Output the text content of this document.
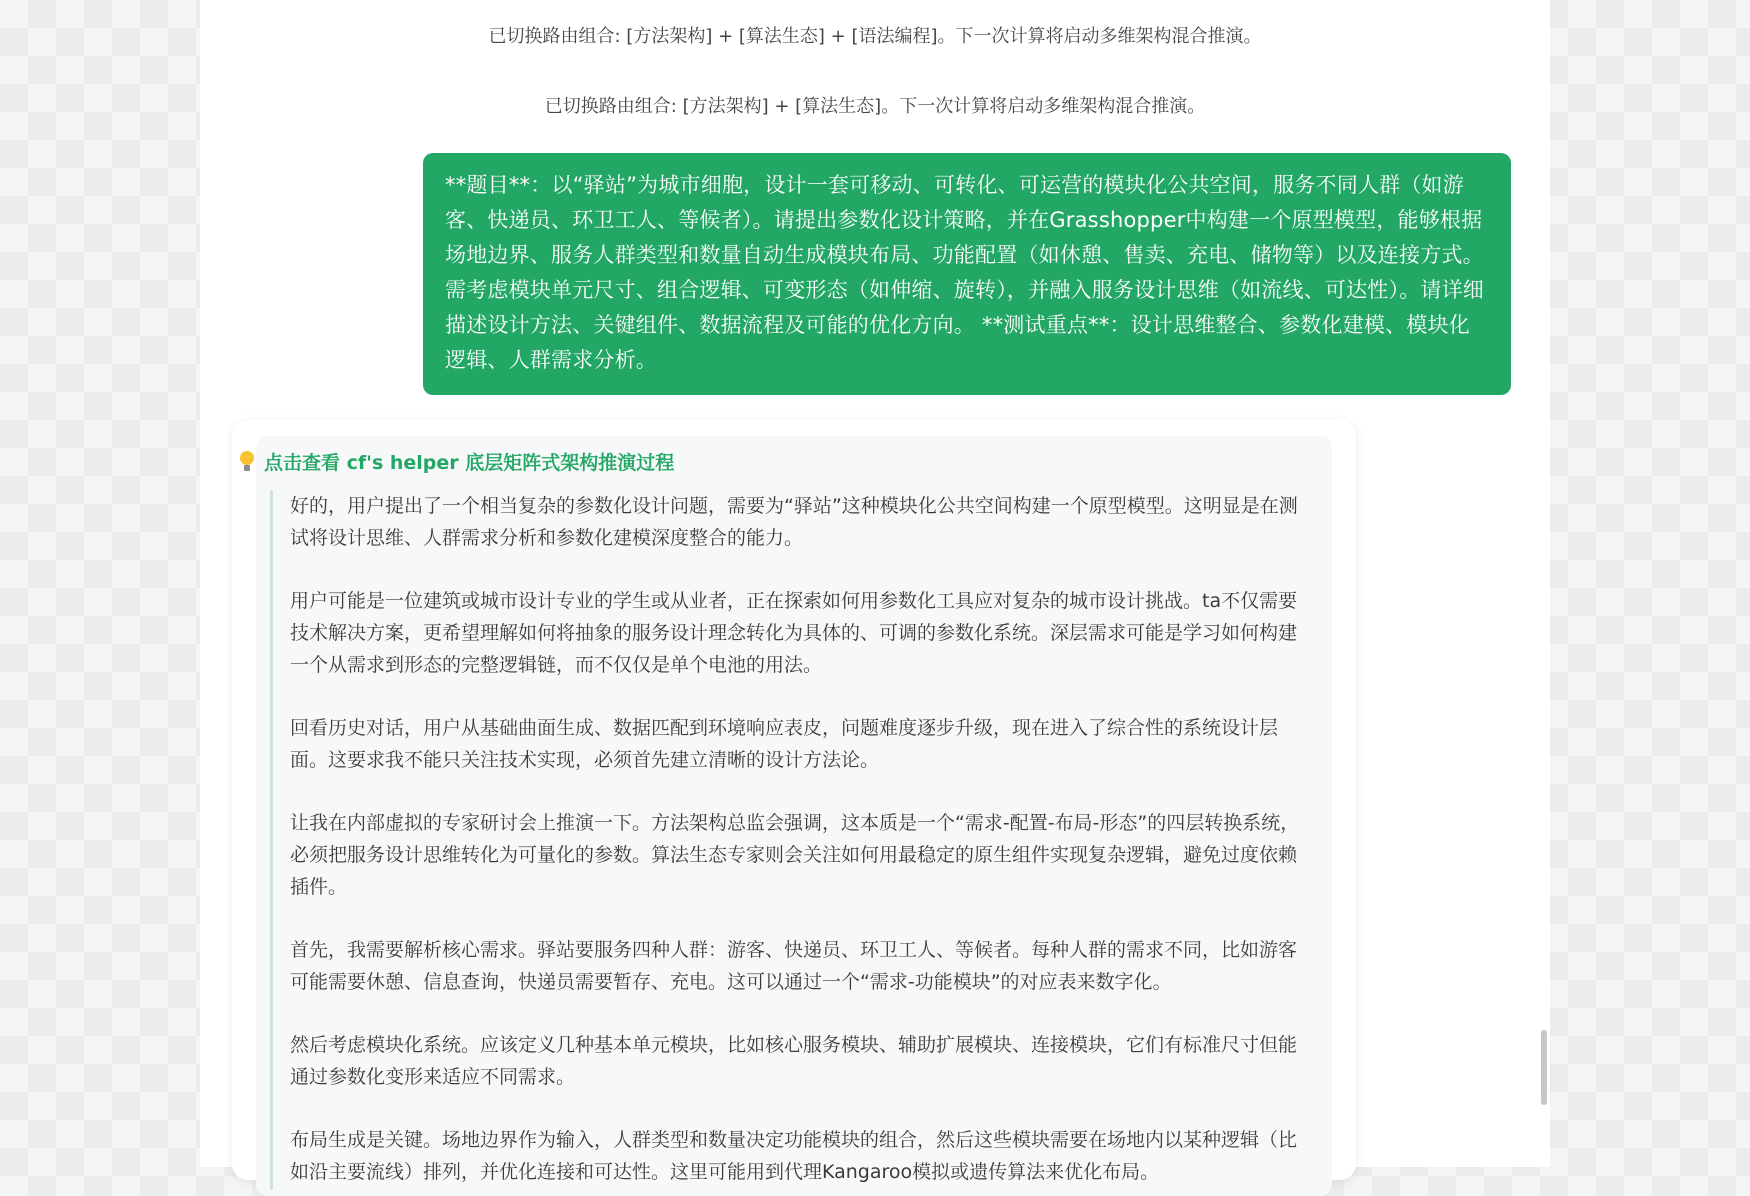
已切换路由组合: [方法架构] + [算法生态] + [语法编程]。下一次计算将启动多维架构混合推演。
已切换路由组合: [方法架构] + [算法生态]。下一次计算将启动多维架构混合推演。
**题目**：以“驿站”为城市细胞，设计一套可移动、可转化、可运营的模块化公共空间，服务不同人群（如游客、快递员、环卫工人、等候者）。请提出参数化设计策略，并在Grasshopper中构建一个原型模型，能够根据场地边界、服务人群类型和数量自动生成模块布局、功能配置（如休憩、售卖、充电、储物等）以及连接方式。需考虑模块单元尺寸、组合逻辑、可变形态（如伸缩、旋转），并融入服务设计思维（如流线、可达性）。请详细描述设计方法、关键组件、数据流程及可能的优化方向。 **测试重点**：设计思维整合、参数化建模、模块化逻辑、人群需求分析。
点击查看 cf's helper 底层矩阵式架构推演过程

好的，用户提出了一个相当复杂的参数化设计问题，需要为“驿站”这种模块化公共空间构建一个原型模型。这明显是在测试将设计思维、人群需求分析和参数化建模深度整合的能力。

用户可能是一位建筑或城市设计专业的学生或从业者，正在探索如何用参数化工具应对复杂的城市设计挑战。ta不仅需要技术解决方案，更希望理解如何将抽象的服务设计理念转化为具体的、可调的参数化系统。深层需求可能是学习如何构建一个从需求到形态的完整逻辑链，而不仅仅是单个电池的用法。

回看历史对话，用户从基础曲面生成、数据匹配到环境响应表皮，问题难度逐步升级，现在进入了综合性的系统设计层面。这要求我不能只关注技术实现，必须首先建立清晰的设计方法论。

让我在内部虚拟的专家研讨会上推演一下。方法架构总监会强调，这本质是一个“需求-配置-布局-形态”的四层转换系统，必须把服务设计思维转化为可量化的参数。算法生态专家则会关注如何用最稳定的原生组件实现复杂逻辑，避免过度依赖插件。

首先，我需要解析核心需求。驿站要服务四种人群：游客、快递员、环卫工人、等候者。每种人群的需求不同，比如游客可能需要休憩、信息查询，快递员需要暂存、充电。这可以通过一个“需求-功能模块”的对应表来数字化。

然后考虑模块化系统。应该定义几种基本单元模块，比如核心服务模块、辅助扩展模块、连接模块，它们有标准尺寸但能通过参数化变形来适应不同需求。

布局生成是关键。场地边界作为输入，人群类型和数量决定功能模块的组合，然后这些模块需要在场地内以某种逻辑（比如沿主要流线）排列，并优化连接和可达性。这里可能用到代理Kangaroo模拟或遗传算法来优化布局。
